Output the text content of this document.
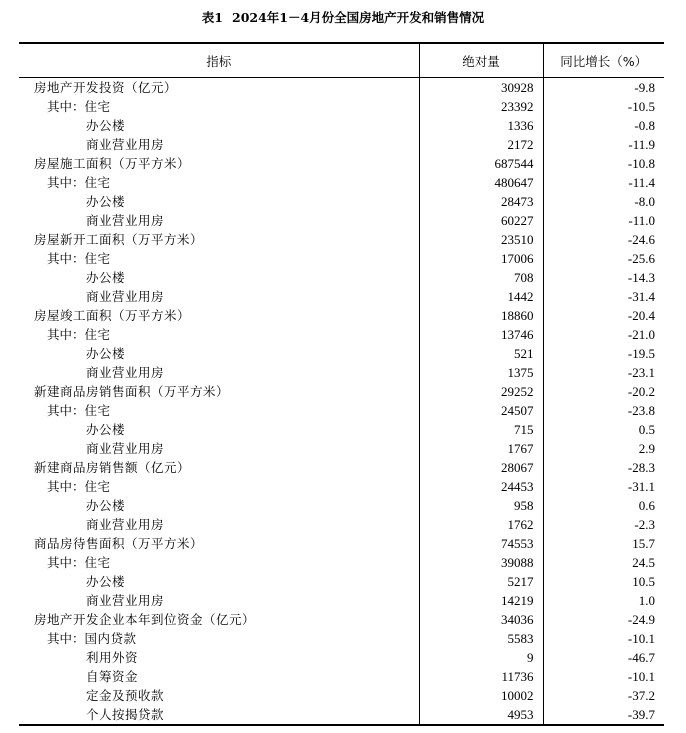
表1 2024年1－4月份全国房地产开发和销售情况
指标	绝对量	同比增长（%）
房地产开发投资（亿元）	30928	-9.8
其中：住宅	23392	-10.5
办公楼	1336	-0.8
商业营业用房	2172	-11.9
房屋施工面积（万平方米）	687544	-10.8
其中：住宅	480647	-11.4
办公楼	28473	-8.0
商业营业用房	60227	-11.0
房屋新开工面积（万平方米）	23510	-24.6
其中：住宅	17006	-25.6
办公楼	708	-14.3
商业营业用房	1442	-31.4
房屋竣工面积（万平方米）	18860	-20.4
其中：住宅	13746	-21.0
办公楼	521	-19.5
商业营业用房	1375	-23.1
新建商品房销售面积（万平方米）	29252	-20.2
其中：住宅	24507	-23.8
办公楼	715	0.5
商业营业用房	1767	2.9
新建商品房销售额（亿元）	28067	-28.3
其中：住宅	24453	-31.1
办公楼	958	0.6
商业营业用房	1762	-2.3
商品房待售面积（万平方米）	74553	15.7
其中：住宅	39088	24.5
办公楼	5217	10.5
商业营业用房	14219	1.0
房地产开发企业本年到位资金（亿元）	34036	-24.9
其中：国内贷款	5583	-10.1
利用外资	9	-46.7
自筹资金	11736	-10.1
定金及预收款	10002	-37.2
个人按揭贷款	4953	-39.7
